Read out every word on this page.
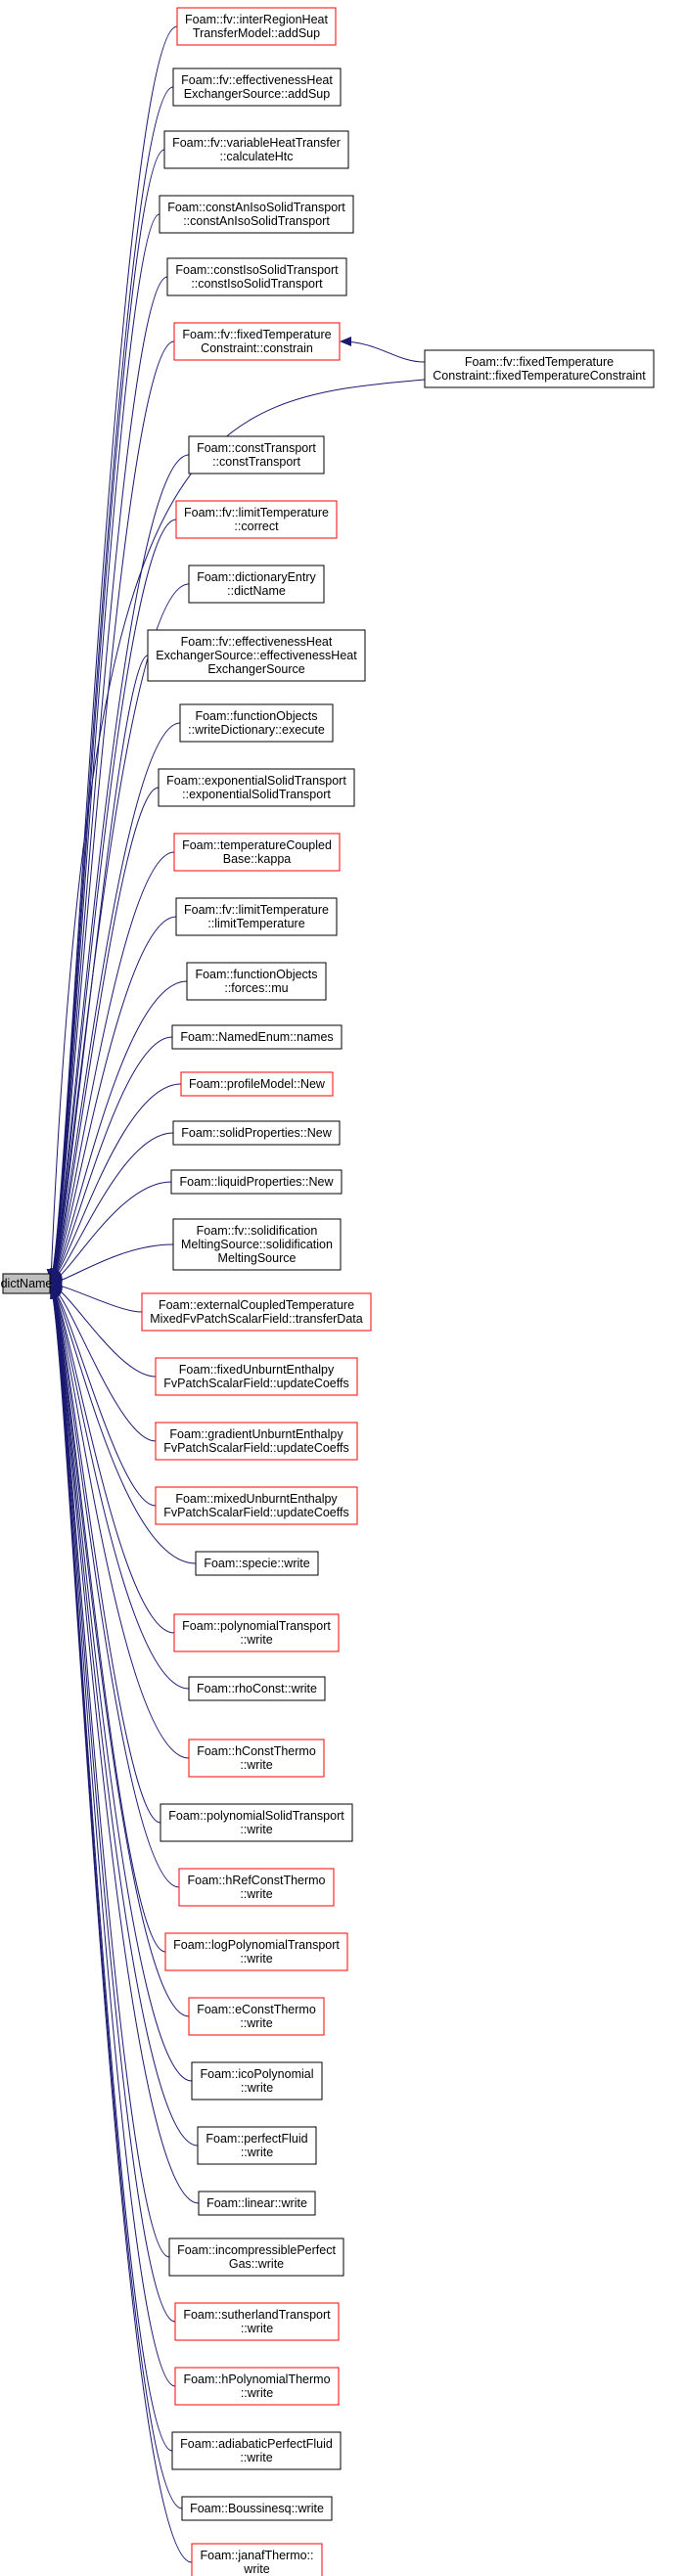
Foam::fv::interRegionHeat
TransferModel::addSup
Foam::fv::effectivenessHeat
ExchangerSource::addSup
Foam::fv::variableHeatTransfer
::calculateHtc
Foam::constAnIsoSolidTransport
::constAnIsoSolidTransport
Foam::constIsoSolidTransport
::constIsoSolidTransport
Foam::fv::fixedTemperature
Constraint::constrain
Foam::constTransport
::constTransport
Foam::fv::limitTemperature
::correct
Foam::dictionaryEntry
::dictName
Foam::fv::effectivenessHeat
ExchangerSource::effectivenessHeat
ExchangerSource
Foam::functionObjects
::writeDictionary::execute
Foam::exponentialSolidTransport
::exponentialSolidTransport
Foam::temperatureCoupled
Base::kappa
Foam::fv::limitTemperature
::limitTemperature
Foam::functionObjects
::forces::mu
Foam::NamedEnum::names
Foam::profileModel::New
Foam::solidProperties::New
Foam::liquidProperties::New
Foam::fv::solidification
MeltingSource::solidification
MeltingSource
Foam::externalCoupledTemperature
MixedFvPatchScalarField::transferData
Foam::fixedUnburntEnthalpy
FvPatchScalarField::updateCoeffs
Foam::gradientUnburntEnthalpy
FvPatchScalarField::updateCoeffs
Foam::mixedUnburntEnthalpy
FvPatchScalarField::updateCoeffs
Foam::specie::write
Foam::polynomialTransport
::write
Foam::rhoConst::write
Foam::hConstThermo
::write
Foam::polynomialSolidTransport
::write
Foam::hRefConstThermo
::write
Foam::logPolynomialTransport
::write
Foam::eConstThermo
::write
Foam::icoPolynomial
::write
Foam::perfectFluid
::write
Foam::linear::write
Foam::incompressiblePerfect
Gas::write
Foam::sutherlandTransport
::write
Foam::hPolynomialThermo
::write
Foam::adiabaticPerfectFluid
::write
Foam::Boussinesq::write
Foam::janafThermo::
write
Foam::fv::fixedTemperature
Constraint::fixedTemperatureConstraint
dictName
